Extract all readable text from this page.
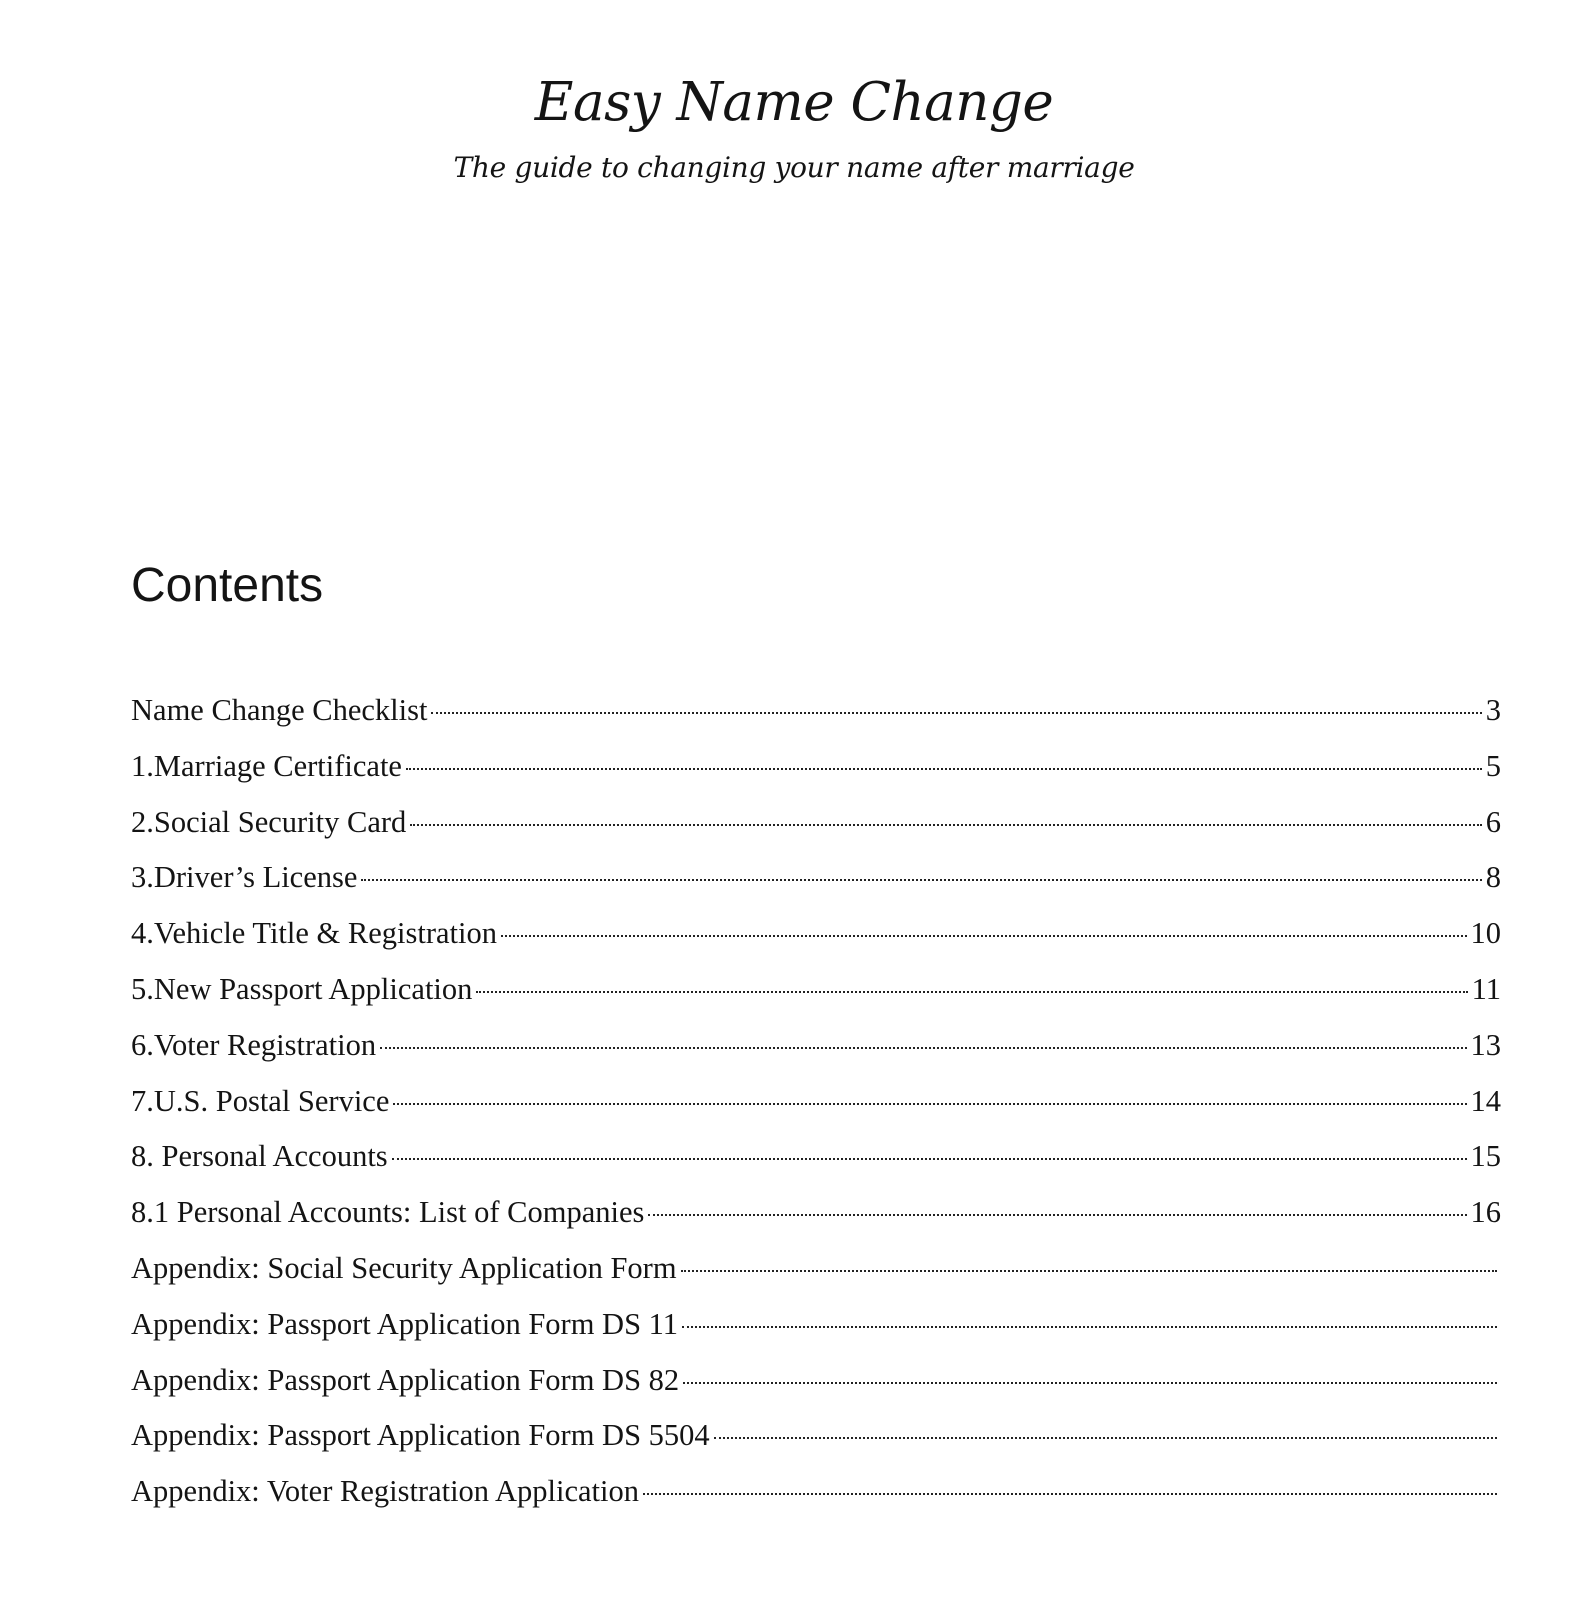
Easy Name Change

The guide to changing your name after marriage

Contents
Name Change Checklist	3
1.Marriage Certificate	5
2.Social Security Card	6
3.Driver’s License	8
4.Vehicle Title & Registration	10
5.New Passport Application	11
6.Voter Registration	13
7.U.S. Postal Service	14
8. Personal Accounts	15
8.1 Personal Accounts: List of Companies	16
Appendix: Social Security Application Form
Appendix: Passport Application Form DS 11
Appendix: Passport Application Form DS 82
Appendix: Passport Application Form DS 5504
Appendix: Voter Registration Application
